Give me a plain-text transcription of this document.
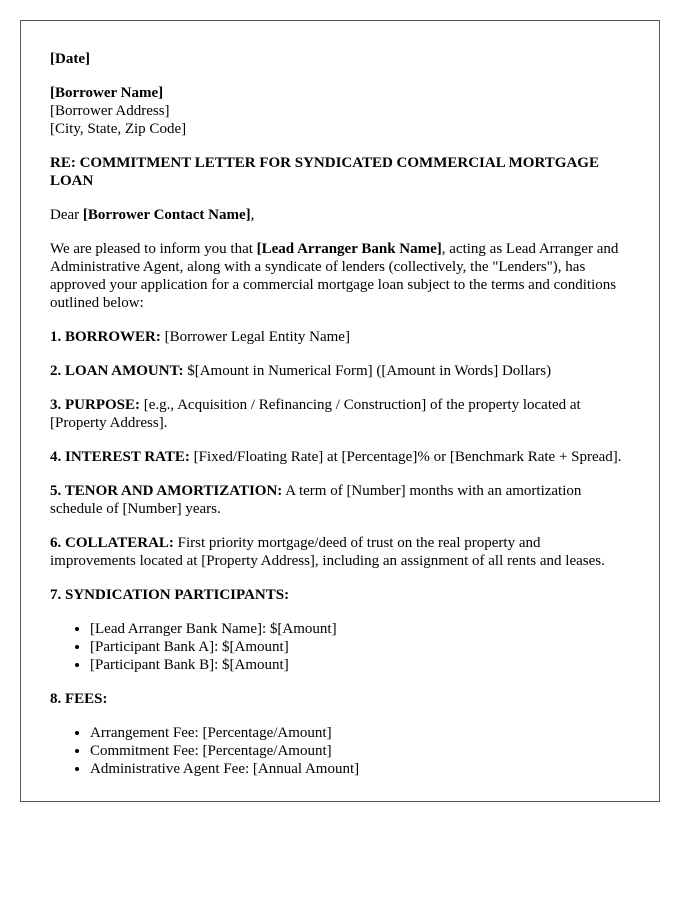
[Date]

[Borrower Name]
[Borrower Address]
[City, State, Zip Code]

RE: COMMITMENT LETTER FOR SYNDICATED COMMERCIAL MORTGAGE LOAN

Dear [Borrower Contact Name],

We are pleased to inform you that [Lead Arranger Bank Name], acting as Lead Arranger and Administrative Agent, along with a syndicate of lenders (collectively, the "Lenders"), has approved your application for a commercial mortgage loan subject to the terms and conditions outlined below:

1. BORROWER: [Borrower Legal Entity Name]

2. LOAN AMOUNT: $[Amount in Numerical Form] ([Amount in Words] Dollars)

3. PURPOSE: [e.g., Acquisition / Refinancing / Construction] of the property located at [Property Address].

4. INTEREST RATE: [Fixed/Floating Rate] at [Percentage]% or [Benchmark Rate + Spread].

5. TENOR AND AMORTIZATION: A term of [Number] months with an amortization schedule of [Number] years.

6. COLLATERAL: First priority mortgage/deed of trust on the real property and improvements located at [Property Address], including an assignment of all rents and leases.

7. SYNDICATION PARTICIPANTS:

• [Lead Arranger Bank Name]: $[Amount]
• [Participant Bank A]: $[Amount]
• [Participant Bank B]: $[Amount]

8. FEES:

• Arrangement Fee: [Percentage/Amount]
• Commitment Fee: [Percentage/Amount]
• Administrative Agent Fee: [Annual Amount]
